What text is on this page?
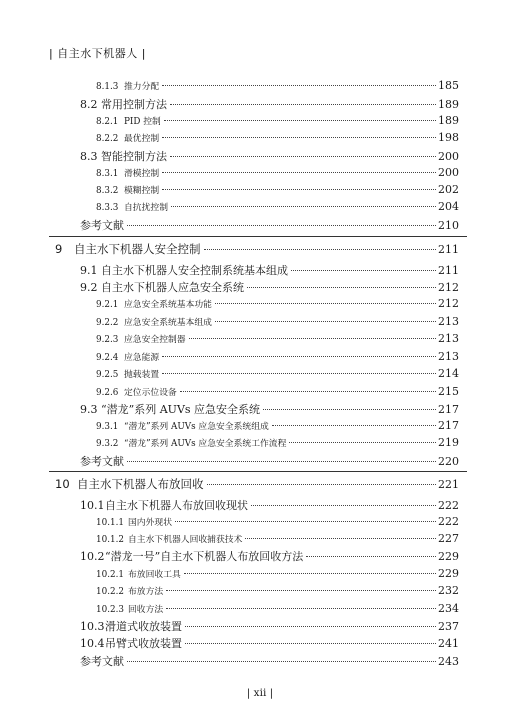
| 自主水下机器人 |
8.1.3 推力分配	185
8.2 常用控制方法	189
8.2.1 PID 控制	189
8.2.2 最优控制	198
8.3 智能控制方法	200
8.3.1 滑模控制	200
8.3.2 模糊控制	202
8.3.3 自抗扰控制	204
参考文献	210
9	自主水下机器人安全控制	211
9.1 自主水下机器人安全控制系统基本组成	211
9.2 自主水下机器人应急安全系统	212
9.2.1 应急安全系统基本功能	212
9.2.2 应急安全系统基本组成	213
9.2.3 应急安全控制器	213
9.2.4 应急能源	213
9.2.5 抛载装置	214
9.2.6 定位示位设备	215
9.3 “潜龙”系列 AUVs 应急安全系统	217
9.3.1 “潜龙”系列 AUVs 应急安全系统组成	217
9.3.2 “潜龙”系列 AUVs 应急安全系统工作流程	219
参考文献	220
10 自主水下机器人布放回收	221
10.1 自主水下机器人布放回收现状	222
10.1.1 国内外现状	222
10.1.2 自主水下机器人回收捕获技术	227
10.2 “潜龙一号”自主水下机器人布放回收方法	229
10.2.1 布放回收工具	229
10.2.2 布放方法	232
10.2.3 回收方法	234
10.3 滑道式收放装置	237
10.4 吊臂式收放装置	241
参考文献	243
| xii |
